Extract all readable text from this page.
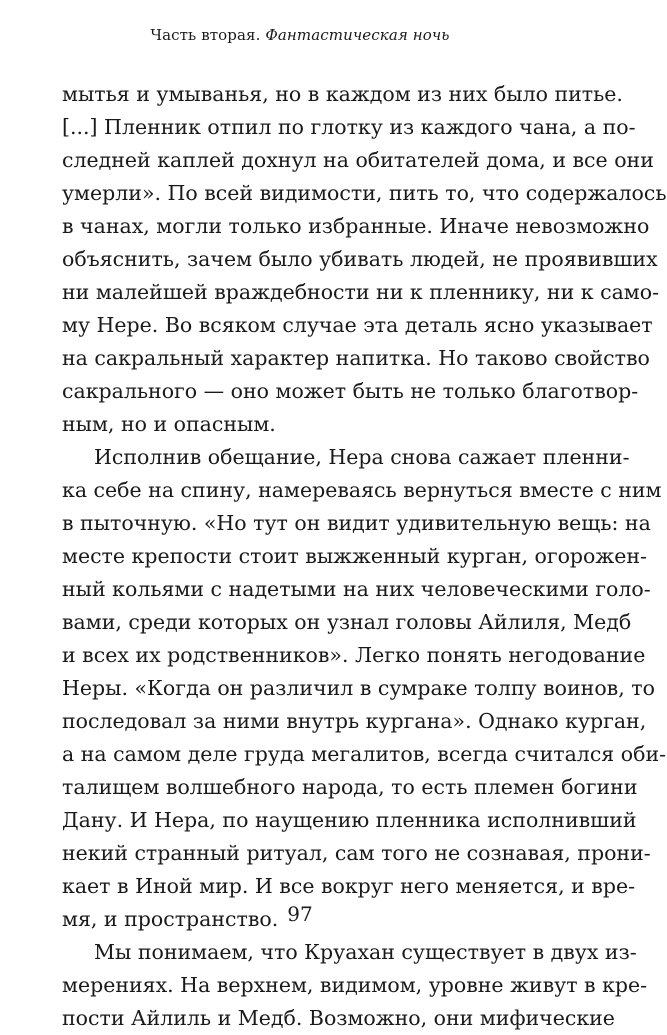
Часть вторая. Фантастическая ночь
мытья и умыванья, но в каждом из них было питье.
[...] Пленник отпил по глотку из каждого чана, а по-
следней каплей дохнул на обитателей дома, и все они
умерли». По всей видимости, пить то, что содержалось
в чанах, могли только избранные. Иначе невозможно
объяснить, зачем было убивать людей, не проявивших
ни малейшей враждебности ни к пленнику, ни к само-
му Нере. Во всяком случае эта деталь ясно указывает
на сакральный характер напитка. Но таково свойство
сакрального — оно может быть не только благотвор-
ным, но и опасным.
Исполнив обещание, Нера снова сажает пленни-
ка себе на спину, намереваясь вернуться вместе с ним
в пыточную. «Но тут он видит удивительную вещь: на
месте крепости стоит выжженный курган, огорожен-
ный кольями с надетыми на них человеческими голо-
вами, среди которых он узнал головы Айлиля, Медб
и всех их родственников». Легко понять негодование
Неры. «Когда он различил в сумраке толпу воинов, то
последовал за ними внутрь кургана». Однако курган,
а на самом деле груда мегалитов, всегда считался оби-
талищем волшебного народа, то есть племен богини
Дану. И Нера, по наущению пленника исполнивший
некий странный ритуал, сам того не сознавая, прони-
кает в Иной мир. И все вокруг него меняется, и вре-
мя, и пространство.
Мы понимаем, что Круахан существует в двух из-
мерениях. На верхнем, видимом, уровне живут в кре-
пости Айлиль и Медб. Возможно, они мифические
97
